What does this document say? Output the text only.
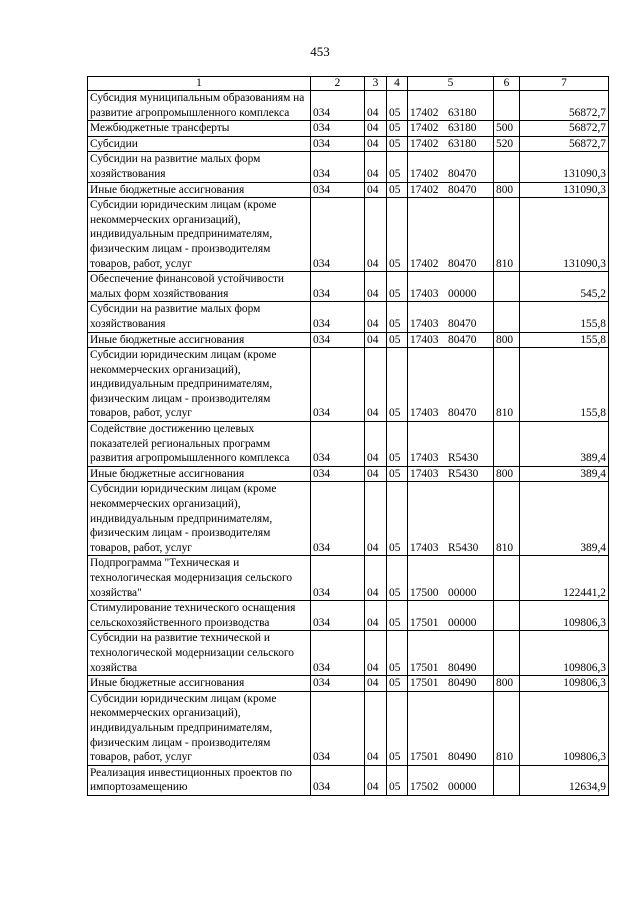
453
1	2	3	4	5	6	7
Субсидия муниципальным образованиям на развитие агропромышленного комплекса	034	04	05	17402 63180		56872,7
Межбюджетные трансферты	034	04	05	17402 63180	500	56872,7
Субсидии	034	04	05	17402 63180	520	56872,7
Субсидии на развитие малых форм хозяйствования	034	04	05	17402 80470		131090,3
Иные бюджетные ассигнования	034	04	05	17402 80470	800	131090,3
Субсидии юридическим лицам (кроме некоммерческих организаций), индивидуальным предпринимателям, физическим лицам - производителям товаров, работ, услуг	034	04	05	17402 80470	810	131090,3
Обеспечение финансовой устойчивости малых форм хозяйствования	034	04	05	17403 00000		545,2
Субсидии на развитие малых форм хозяйствования	034	04	05	17403 80470		155,8
Иные бюджетные ассигнования	034	04	05	17403 80470	800	155,8
Субсидии юридическим лицам (кроме некоммерческих организаций), индивидуальным предпринимателям, физическим лицам - производителям товаров, работ, услуг	034	04	05	17403 80470	810	155,8
Содействие достижению целевых показателей региональных программ развития агропромышленного комплекса	034	04	05	17403 R5430		389,4
Иные бюджетные ассигнования	034	04	05	17403 R5430	800	389,4
Субсидии юридическим лицам (кроме некоммерческих организаций), индивидуальным предпринимателям, физическим лицам - производителям товаров, работ, услуг	034	04	05	17403 R5430	810	389,4
Подпрограмма "Техническая и технологическая модернизация сельского хозяйства"	034	04	05	17500 00000		122441,2
Стимулирование технического оснащения сельскохозяйственного производства	034	04	05	17501 00000		109806,3
Субсидии на развитие технической и технологической модернизации сельского хозяйства	034	04	05	17501 80490		109806,3
Иные бюджетные ассигнования	034	04	05	17501 80490	800	109806,3
Субсидии юридическим лицам (кроме некоммерческих организаций), индивидуальным предпринимателям, физическим лицам - производителям товаров, работ, услуг	034	04	05	17501 80490	810	109806,3
Реализация инвестиционных проектов по импортозамещению	034	04	05	17502 00000		12634,9
